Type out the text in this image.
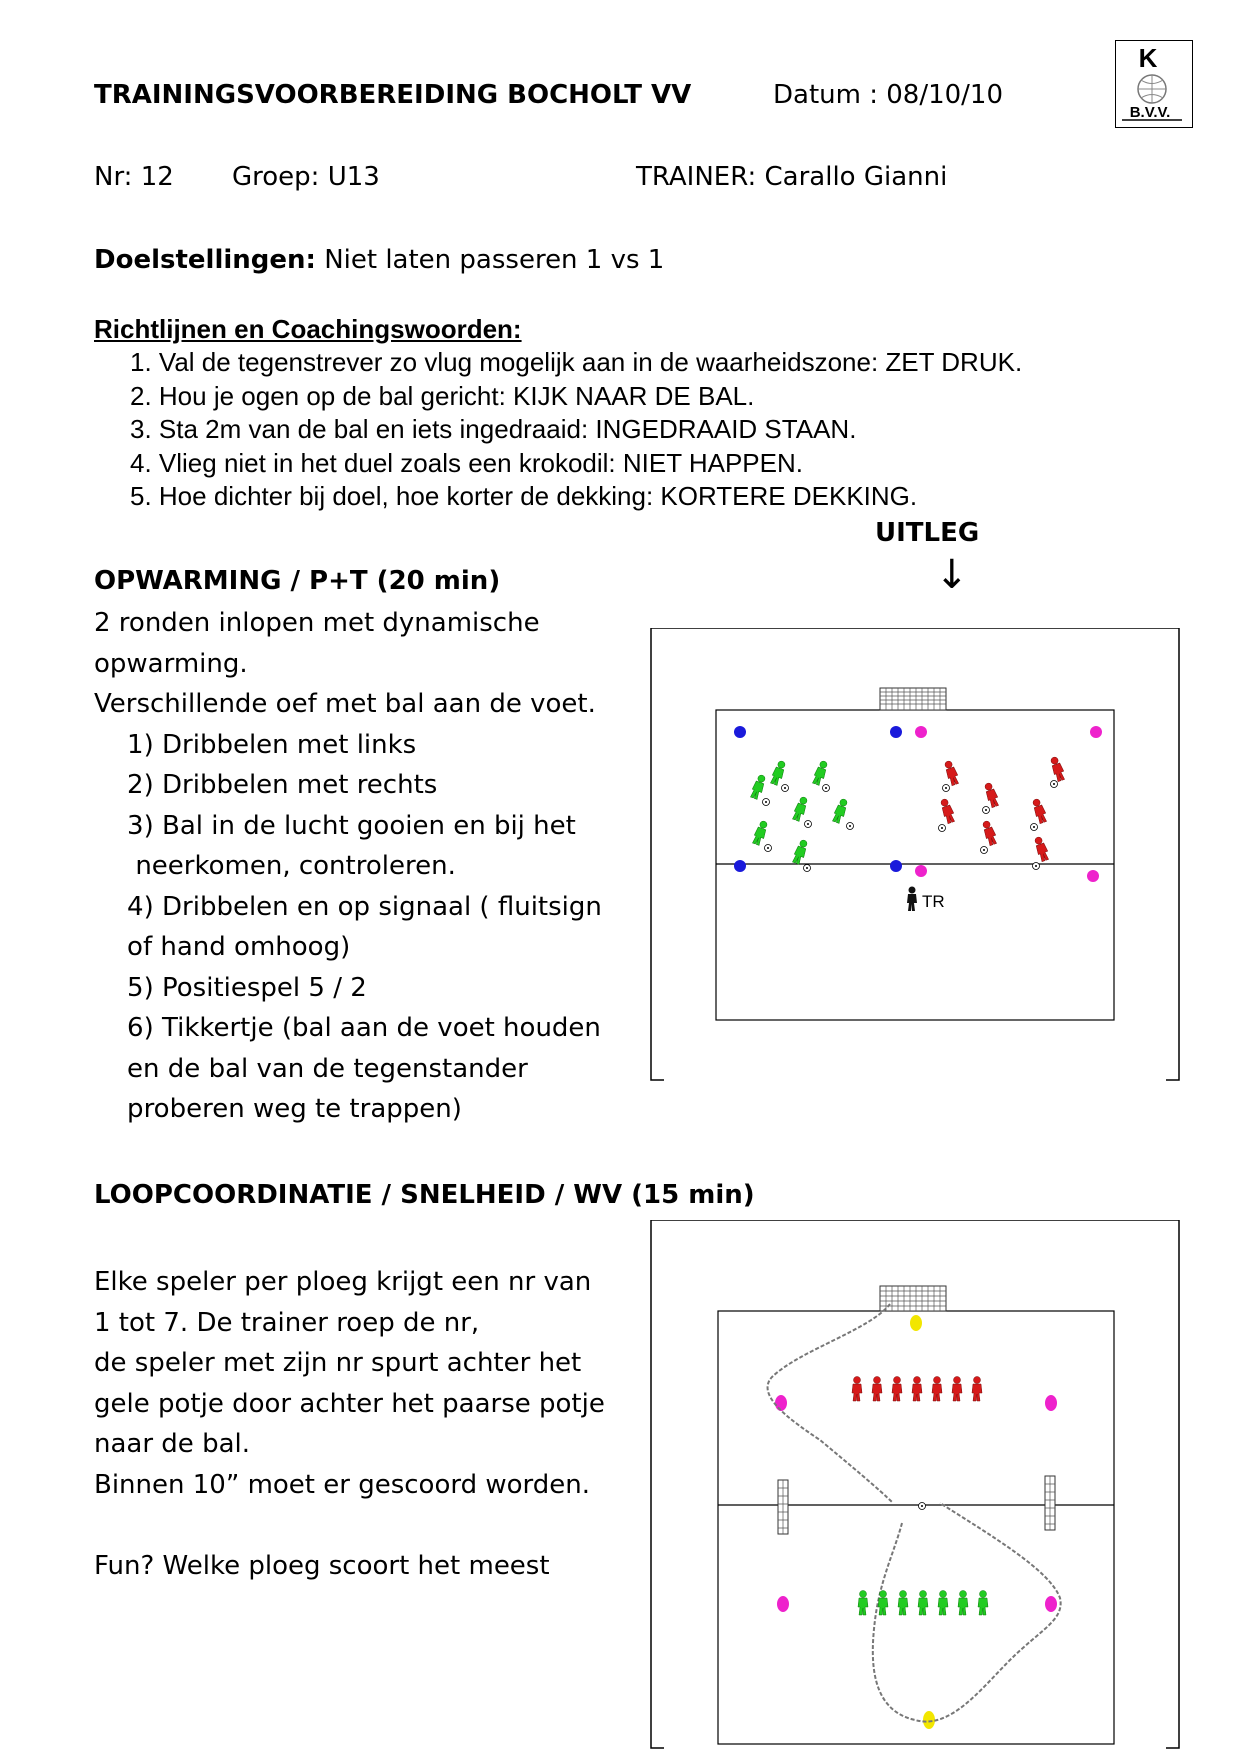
TRAININGSVOORBEREIDING BOCHOLT VV	Datum : 08/10/10
K
B.V.V.
Nr: 12 Groep: U13	TRAINER: Carallo Gianni
Doelstellingen: Niet laten passeren 1 vs 1
Richtlijnen en Coachingswoorden:
1. Val de tegenstrever zo vlug mogelijk aan in de waarheidszone: ZET DRUK.
2. Hou je ogen op de bal gericht: KIJK NAAR DE BAL.
3. Sta 2m van de bal en iets ingedraaid: INGEDRAAID STAAN.
4. Vlieg niet in het duel zoals een krokodil: NIET HAPPEN.
5. Hoe dichter bij doel, hoe korter de dekking: KORTERE DEKKING.
UITLEG
↓
OPWARMING / P+T (20 min)
2 ronden inlopen met dynamische
opwarming.
Verschillende oef met bal aan de voet.
1) Dribbelen met links
2) Dribbelen met rechts
3) Bal in de lucht gooien en bij het
neerkomen, controleren.
4) Dribbelen en op signaal ( fluitsign
of hand omhoog)
5) Positiespel 5 / 2
6) Tikkertje (bal aan de voet houden
en de bal van de tegenstander
proberen weg te trappen)
TR
LOOPCOORDINATIE / SNELHEID / WV (15 min)
Elke speler per ploeg krijgt een nr van
1 tot 7. De trainer roep de nr,
de speler met zijn nr spurt achter het
gele potje door achter het paarse potje
naar de bal.
Binnen 10” moet er gescoord worden.
Fun? Welke ploeg scoort het meest
